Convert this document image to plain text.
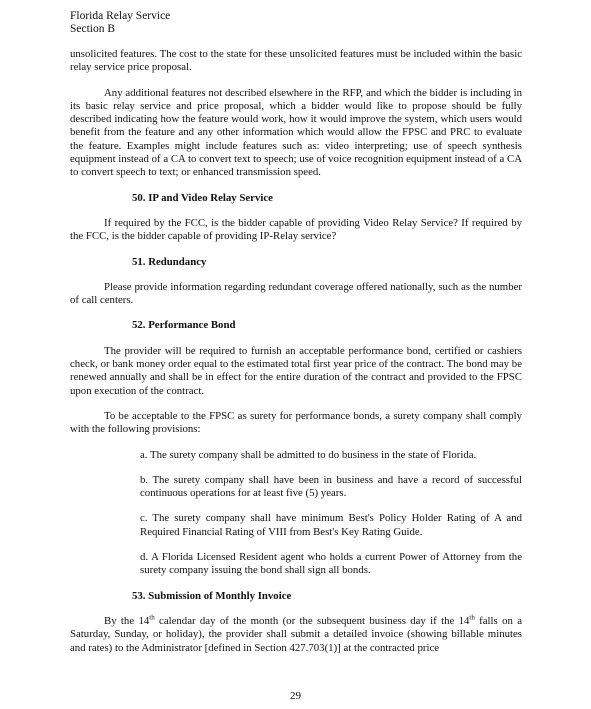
Florida Relay Service
Section B

unsolicited features. The cost to the state for these unsolicited features must be included within the basic relay service price proposal.

Any additional features not described elsewhere in the RFP, and which the bidder is including in its basic relay service and price proposal, which a bidder would like to propose should be fully described indicating how the feature would work, how it would improve the system, which users would benefit from the feature and any other information which would allow the FPSC and PRC to evaluate the feature. Examples might include features such as: video interpreting; use of speech synthesis equipment instead of a CA to convert text to speech; use of voice recognition equipment instead of a CA to convert speech to text; or enhanced transmission speed.

50. IP and Video Relay Service

If required by the FCC, is the bidder capable of providing Video Relay Service? If required by the FCC, is the bidder capable of providing IP-Relay service?

51. Redundancy

Please provide information regarding redundant coverage offered nationally, such as the number of call centers.

52. Performance Bond

The provider will be required to furnish an acceptable performance bond, certified or cashiers check, or bank money order equal to the estimated total first year price of the contract. The bond may be renewed annually and shall be in effect for the entire duration of the contract and provided to the FPSC upon execution of the contract.

To be acceptable to the FPSC as surety for performance bonds, a surety company shall comply with the following provisions:

a. The surety company shall be admitted to do business in the state of Florida.
b. The surety company shall have been in business and have a record of successful continuous operations for at least five (5) years.
c. The surety company shall have minimum Best's Policy Holder Rating of A and Required Financial Rating of VIII from Best's Key Rating Guide.
d. A Florida Licensed Resident agent who holds a current Power of Attorney from the surety company issuing the bond shall sign all bonds.
53. Submission of Monthly Invoice

By the 14th calendar day of the month (or the subsequent business day if the 14th falls on a Saturday, Sunday, or holiday), the provider shall submit a detailed invoice (showing billable minutes and rates) to the Administrator [defined in Section 427.703(1)] at the contracted price

29
